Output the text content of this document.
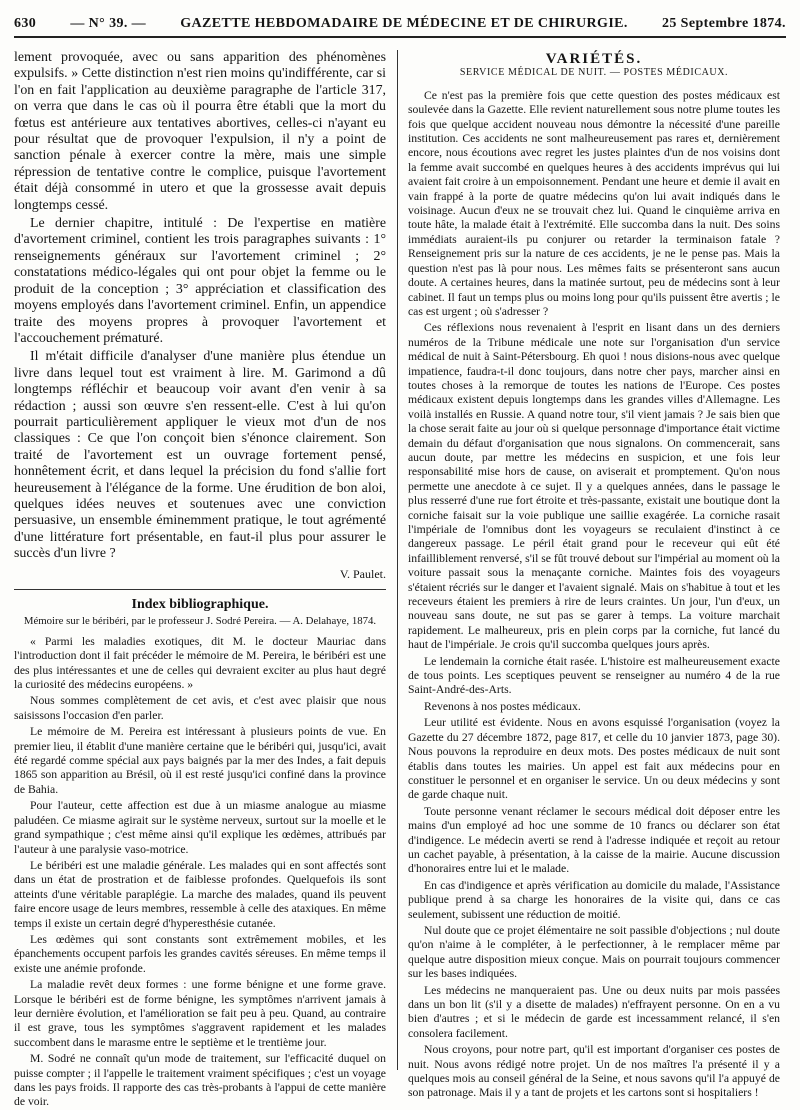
630 — N° 39. — GAZETTE HEBDOMADAIRE DE MÉDECINE ET DE CHIRURGIE. 25 Septembre 1874.

lement provoquée, avec ou sans apparition des phénomènes expulsifs. » Cette distinction n'est rien moins qu'indifférente, car si l'on en fait l'application au deuxième paragraphe de l'article 317, on verra que dans le cas où il pourra être établi que la mort du fœtus est antérieure aux tentatives abortives, celles-ci n'ayant eu pour résultat que de provoquer l'expulsion, il n'y a point de sanction pénale à exercer contre la mère, mais une simple répression de tentative contre le complice, puisque l'avortement était déjà consommé in utero et que la grossesse avait depuis longtemps cessé.

Le dernier chapitre, intitulé : De l'expertise en matière d'avortement criminel, contient les trois paragraphes suivants : 1° renseignements généraux sur l'avortement criminel ; 2° constatations médico-légales qui ont pour objet la femme ou le produit de la conception ; 3° appréciation et classification des moyens employés dans l'avortement criminel. Enfin, un appendice traite des moyens propres à provoquer l'avortement et l'accouchement prématuré.

Il m'était difficile d'analyser d'une manière plus étendue un livre dans lequel tout est vraiment à lire. M. Garimond a dû longtemps réfléchir et beaucoup voir avant d'en venir à sa rédaction ; aussi son œuvre s'en ressent-elle. C'est à lui qu'on pourrait particulièrement appliquer le vieux mot d'un de nos classiques : Ce que l'on conçoit bien s'énonce clairement. Son traité de l'avortement est un ouvrage fortement pensé, honnêtement écrit, et dans lequel la précision du fond s'allie fort heureusement à l'élégance de la forme. Une érudition de bon aloi, quelques idées neuves et soutenues avec une conviction persuasive, un ensemble éminemment pratique, le tout agrémenté d'une littérature fort présentable, en faut-il plus pour assurer le succès d'un livre ?

V. Paulet.
Index bibliographique.
Mémoire sur le béribéri, par le professeur J. Sodré Pereira. — A. Delahaye, 1874.

« Parmi les maladies exotiques, dit M. le docteur Mauriac dans l'introduction dont il fait précéder le mémoire de M. Pereira, le béribéri est une des plus intéressantes et une de celles qui devraient exciter au plus haut degré la curiosité des médecins européens. »

Nous sommes complètement de cet avis, et c'est avec plaisir que nous saisissons l'occasion d'en parler.

Le mémoire de M. Pereira est intéressant à plusieurs points de vue. En premier lieu, il établit d'une manière certaine que le béribéri qui, jusqu'ici, avait été regardé comme spécial aux pays baignés par la mer des Indes, a fait depuis 1865 son apparition au Brésil, où il est resté jusqu'ici confiné dans la province de Bahia.

Pour l'auteur, cette affection est due à un miasme analogue au miasme paludéen. Ce miasme agirait sur le système nerveux, surtout sur la moelle et le grand sympathique ; c'est même ainsi qu'il explique les œdèmes, attribués par l'auteur à une paralysie vaso-motrice.

Le béribéri est une maladie générale. Les malades qui en sont affectés sont dans un état de prostration et de faiblesse profondes. Quelquefois ils sont atteints d'une véritable paraplégie. La marche des malades, quand ils peuvent faire encore usage de leurs membres, ressemble à celle des ataxiques. En même temps il existe un certain degré d'hyperesthésie cutanée.

Les œdèmes qui sont constants sont extrêmement mobiles, et les épanchements occupent parfois les grandes cavités séreuses. En même temps il existe une anémie profonde.

La maladie revêt deux formes : une forme bénigne et une forme grave. Lorsque le béribéri est de forme bénigne, les symptômes n'arrivent jamais à leur dernière évolution, et l'amélioration se fait peu à peu. Quand, au contraire il est grave, tous les symptômes s'aggravent rapidement et les malades succombent dans le marasme entre le septième et le trentième jour.

M. Sodré ne connaît qu'un mode de traitement, sur l'efficacité duquel on puisse compter ; il l'appelle le traitement vraiment spécifiques ; c'est un voyage dans les pays froids. Il rapporte des cas très-probants à l'appui de cette manière de voir.

VARIÉTÉS.
SERVICE MÉDICAL DE NUIT. — POSTES MÉDICAUX.

Ce n'est pas la première fois que cette question des postes médicaux est soulevée dans la Gazette. Elle revient naturellement sous notre plume toutes les fois que quelque accident nouveau nous démontre la nécessité d'une pareille institution. Ces accidents ne sont malheureusement pas rares et, dernièrement encore, nous écoutions avec regret les justes plaintes d'un de nos voisins dont la femme avait succombé en quelques heures à des accidents imprévus qui lui avaient fait croire à un empoisonnement. Pendant une heure et demie il avait en vain frappé à la porte de quatre médecins qu'on lui avait indiqués dans le voisinage. Aucun d'eux ne se trouvait chez lui. Quand le cinquième arriva en toute hâte, la malade était à l'extrémité. Elle succomba dans la nuit. Des soins immédiats auraient-ils pu conjurer ou retarder la terminaison fatale ? Renseignement pris sur la nature de ces accidents, je ne le pense pas. Mais la question n'est pas là pour nous. Les mêmes faits se présenteront sans aucun doute. A certaines heures, dans la matinée surtout, peu de médecins sont à leur cabinet. Il faut un temps plus ou moins long pour qu'ils puissent être avertis ; le cas est urgent ; où s'adresser ?

Ces réflexions nous revenaient à l'esprit en lisant dans un des derniers numéros de la Tribune médicale une note sur l'organisation d'un service médical de nuit à Saint-Pétersbourg. Eh quoi ! nous disions-nous avec quelque impatience, faudra-t-il donc toujours, dans notre cher pays, marcher ainsi en toutes choses à la remorque de toutes les nations de l'Europe. Ces postes médicaux existent depuis longtemps dans les grandes villes d'Allemagne. Les voilà installés en Russie. A quand notre tour, s'il vient jamais ? Je sais bien que la chose serait faite au jour où si quelque personnage d'importance était victime demain du défaut d'organisation que nous signalons. On commencerait, sans aucun doute, par mettre les médecins en suspicion, et une fois leur responsabilité mise hors de cause, on aviserait et promptement. Qu'on nous permette une anecdote à ce sujet. Il y a quelques années, dans le passage le plus resserré d'une rue fort étroite et très-passante, existait une boutique dont la corniche faisait sur la voie publique une saillie exagérée. La corniche rasait l'impériale de l'omnibus dont les voyageurs se reculaient d'instinct à ce dangereux passage. Le péril était grand pour le receveur qui eût été infailliblement renversé, s'il se fût trouvé debout sur l'impérial au moment où la voiture passait sous la menaçante corniche. Maintes fois des voyageurs s'étaient récriés sur le danger et l'avaient signalé. Mais on s'habitue à tout et les receveurs étaient les premiers à rire de leurs craintes. Un jour, l'un d'eux, un nouveau sans doute, ne sut pas se garer à temps. La voiture marchait rapidement. Le malheureux, pris en plein corps par la corniche, fut lancé du haut de l'impériale. Je crois qu'il succomba quelques jours après.

Le lendemain la corniche était rasée. L'histoire est malheureusement exacte de tous points. Les sceptiques peuvent se renseigner au numéro 4 de la rue Saint-André-des-Arts.

Revenons à nos postes médicaux.

Leur utilité est évidente. Nous en avons esquissé l'organisation (voyez la Gazette du 27 décembre 1872, page 817, et celle du 10 janvier 1873, page 30). Nous pouvons la reproduire en deux mots. Des postes médicaux de nuit sont établis dans toutes les mairies. Un appel est fait aux médecins pour en constituer le personnel et en organiser le service. Un ou deux médecins y sont de garde chaque nuit.

Toute personne venant réclamer le secours médical doit déposer entre les mains d'un employé ad hoc une somme de 10 francs ou déclarer son état d'indigence. Le médecin averti se rend à l'adresse indiquée et reçoit au retour un cachet payable, à présentation, à la caisse de la mairie. Aucune discussion d'honoraires entre lui et le malade.

En cas d'indigence et après vérification au domicile du malade, l'Assistance publique prend à sa charge les honoraires de la visite qui, dans ce cas seulement, subissent une réduction de moitié.

Nul doute que ce projet élémentaire ne soit passible d'objections ; nul doute qu'on n'aime à le compléter, à le perfectionner, à le remplacer même par quelque autre disposition mieux conçue. Mais on pourrait toujours commencer sur les bases indiquées.

Les médecins ne manqueraient pas. Une ou deux nuits par mois passées dans un bon lit (s'il y a disette de malades) n'effrayent personne. On en a vu bien d'autres ; et si le médecin de garde est incessamment relancé, il s'en consolera facilement.

Nous croyons, pour notre part, qu'il est important d'organiser ces postes de nuit. Nous avons rédigé notre projet. Un de nos maîtres l'a présenté il y a quelques mois au conseil général de la Seine, et nous savons qu'il l'a appuyé de son patronage. Mais il y a tant de projets et les cartons sont si hospitaliers !
